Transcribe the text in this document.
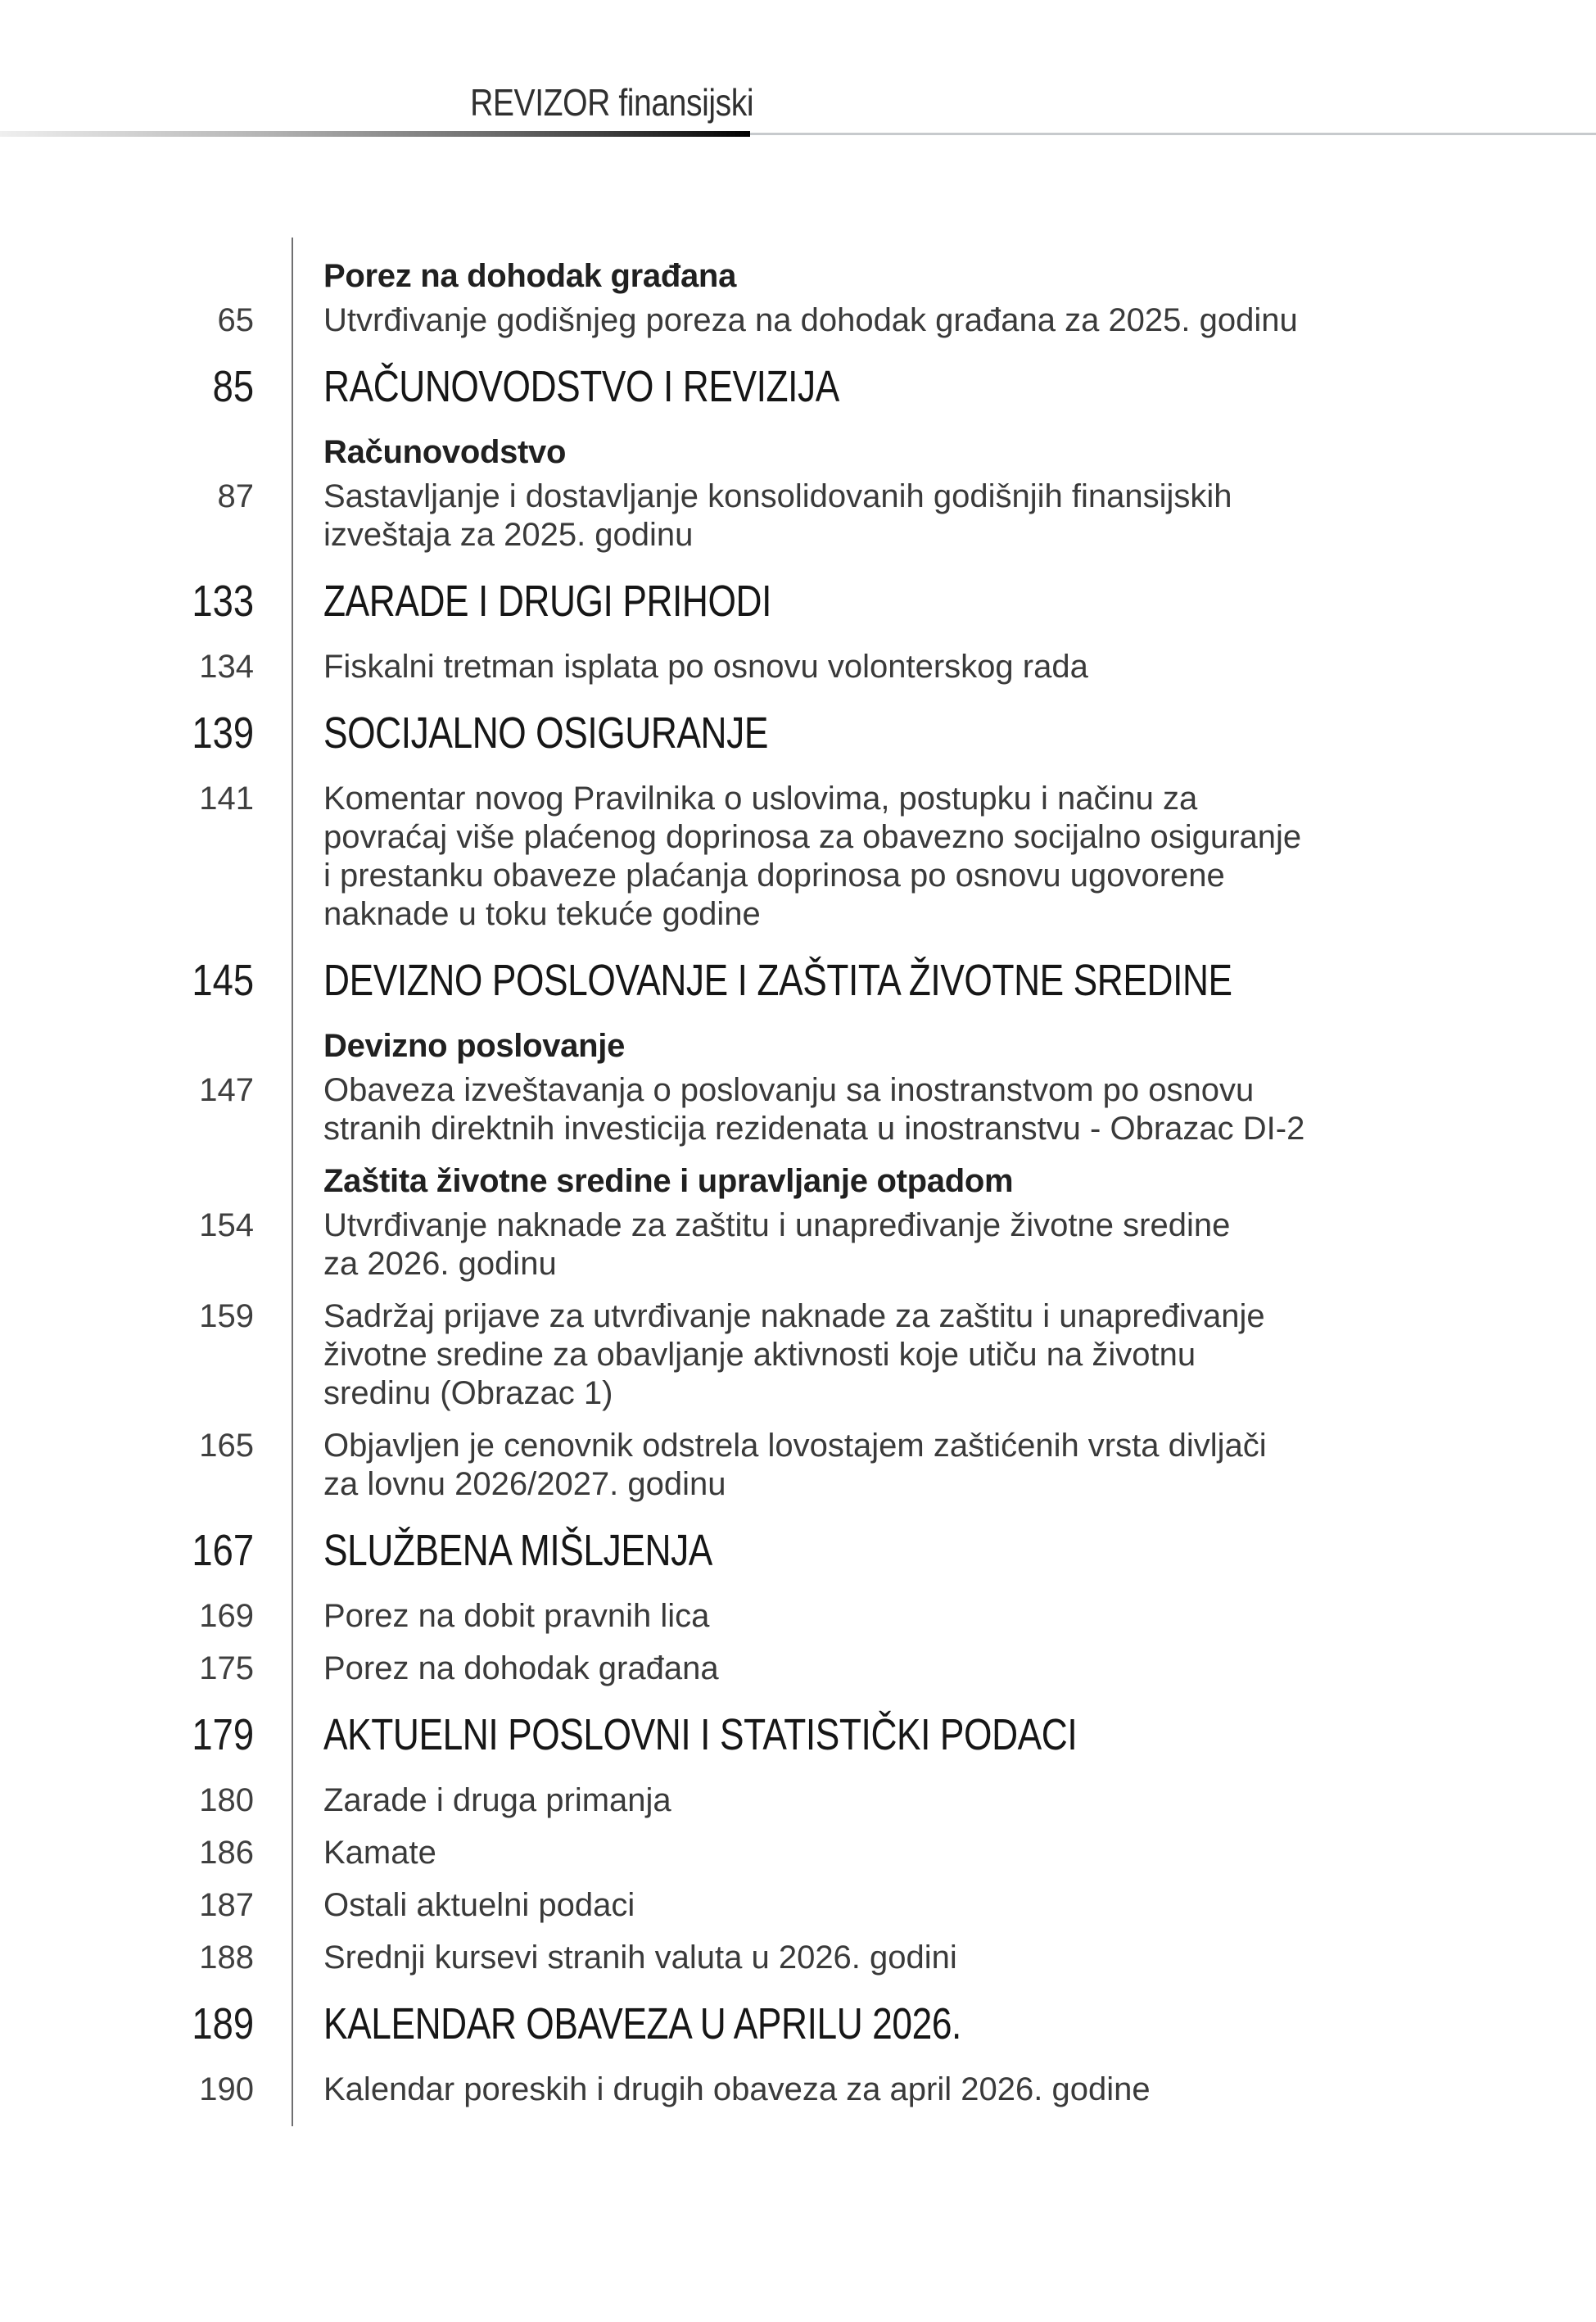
REVIZOR finansijski
Porez na dohodak građana
65 Utvrđivanje godišnjeg poreza na dohodak građana za 2025. godinu
85 RAČUNOVODSTVO I REVIZIJA
Računovodstvo
87 Sastavljanje i dostavljanje konsolidovanih godišnjih finansijskih
izveštaja za 2025. godinu
133 ZARADE I DRUGI PRIHODI
134 Fiskalni tretman isplata po osnovu volonterskog rada
139 SOCIJALNO OSIGURANJE
141 Komentar novog Pravilnika o uslovima, postupku i načinu za
povraćaj više plaćenog doprinosa za obavezno socijalno osiguranje
i prestanku obaveze plaćanja doprinosa po osnovu ugovorene
naknade u toku tekuće godine
145 DEVIZNO POSLOVANJE I ZAŠTITA ŽIVOTNE SREDINE
Devizno poslovanje
147 Obaveza izveštavanja o poslovanju sa inostranstvom po osnovu
stranih direktnih investicija rezidenata u inostranstvu - Obrazac DI-2
Zaštita životne sredine i upravljanje otpadom
154 Utvrđivanje naknade za zaštitu i unapređivanje životne sredine
za 2026. godinu
159 Sadržaj prijave za utvrđivanje naknade za zaštitu i unapređivanje
životne sredine za obavljanje aktivnosti koje utiču na životnu
sredinu (Obrazac 1)
165 Objavljen je cenovnik odstrela lovostajem zaštićenih vrsta divljači
za lovnu 2026/2027. godinu
167 SLUŽBENA MIŠLJENJA
169 Porez na dobit pravnih lica
175 Porez na dohodak građana
179 AKTUELNI POSLOVNI I STATISTIČKI PODACI
180 Zarade i druga primanja
186 Kamate
187 Ostali aktuelni podaci
188 Srednji kursevi stranih valuta u 2026. godini
189 KALENDAR OBAVEZA U APRILU 2026.
190 Kalendar poreskih i drugih obaveza za april 2026. godine
